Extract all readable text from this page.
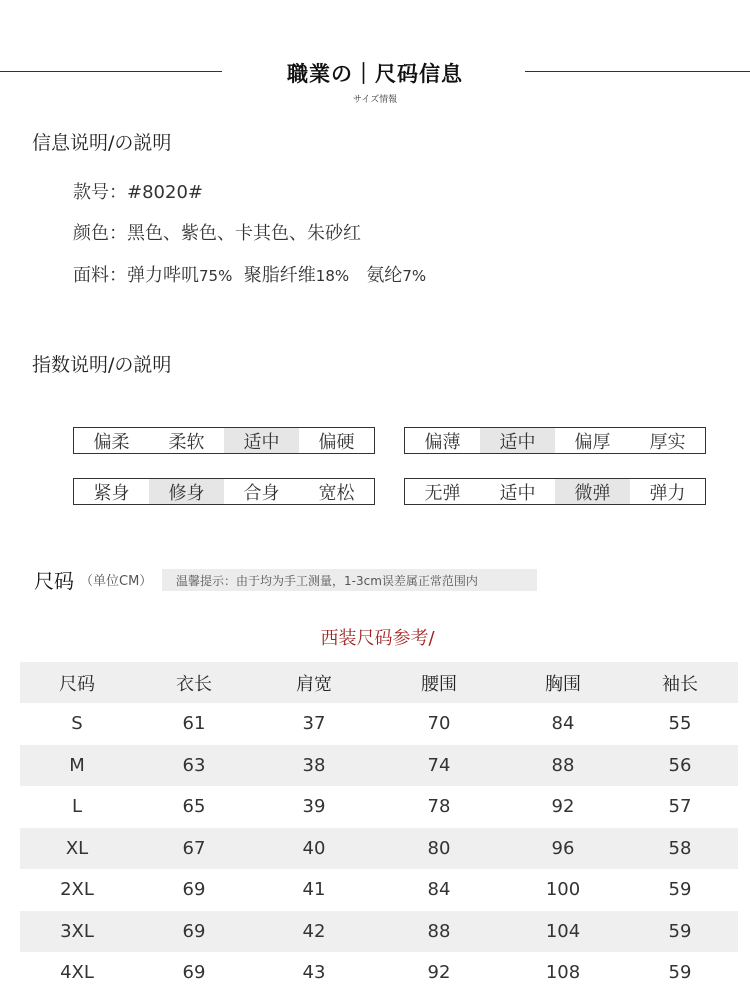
職業の｜尺码信息
サイズ情報
信息说明/の説明
款号：#8020#
颜色：黑色、紫色、卡其色、朱砂红
面料：弹力哔叽75% 聚脂纤维18% 氨纶7%
指数说明/の説明
偏柔	柔软	适中	偏硬	偏薄	适中	偏厚	厚实
紧身	修身	合身	宽松	无弹	适中	微弹	弹力
尺码 （单位CM）	温馨提示：由于均为手工测量，1-3cm误差属正常范围内
西装尺码参考/
尺码	衣长	肩宽	腰围	胸围	袖长
S	61	37	70	84	55
M	63	38	74	88	56
L	65	39	78	92	57
XL	67	40	80	96	58
2XL	69	41	84	100	59
3XL	69	42	88	104	59
4XL	69	43	92	108	59
